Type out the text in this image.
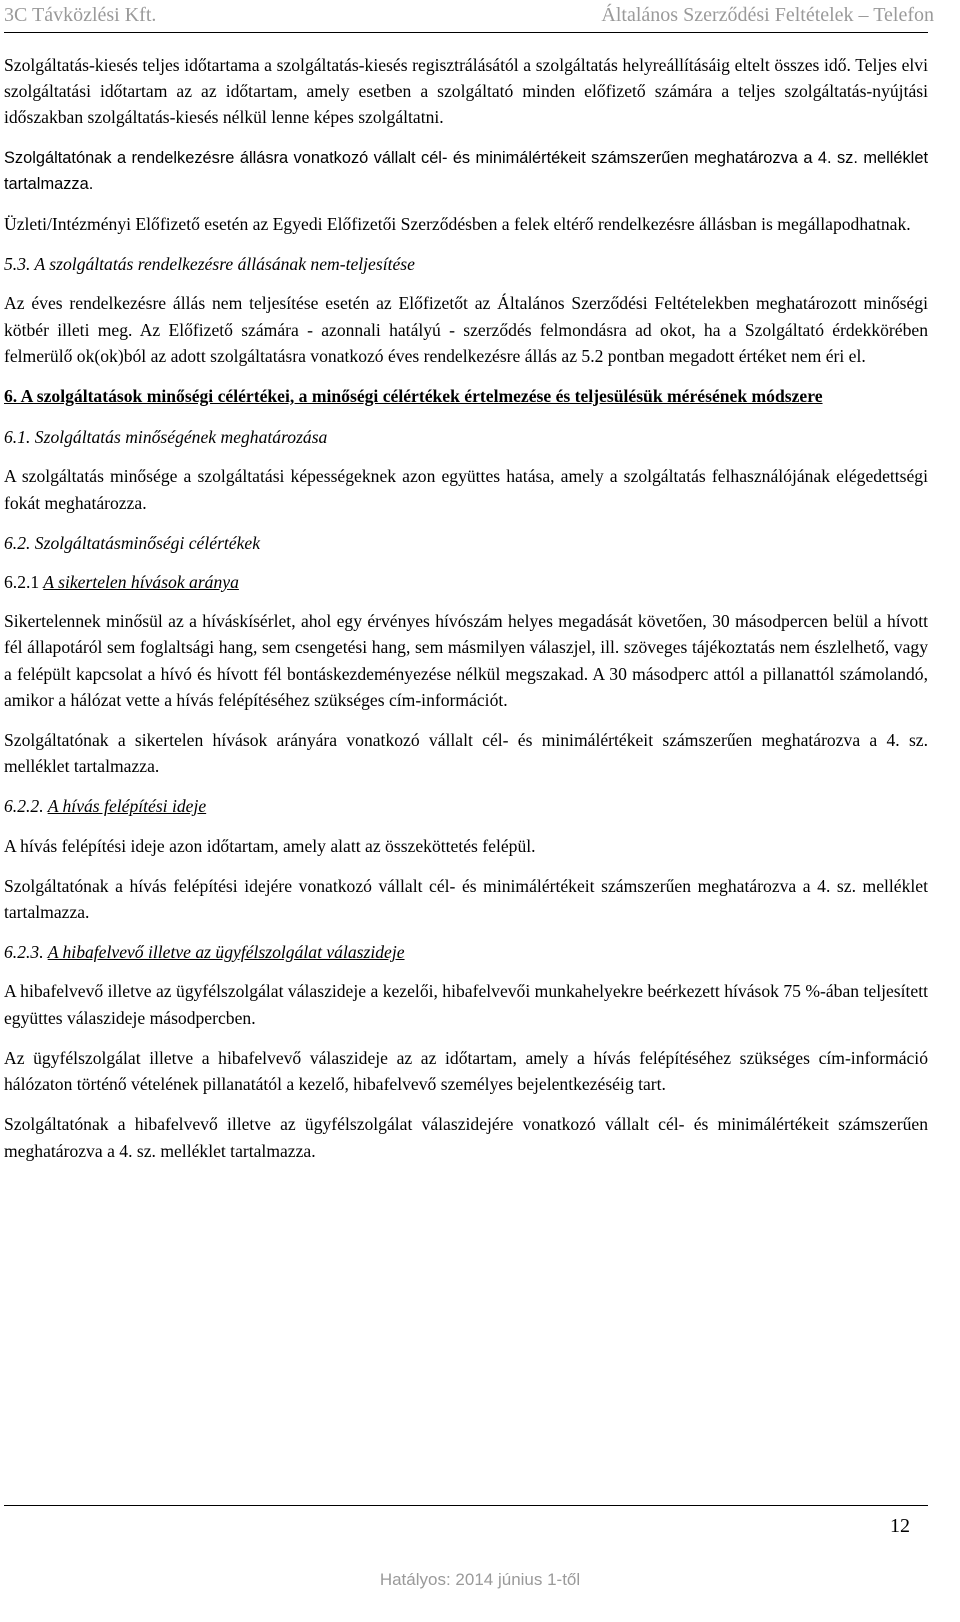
3C Távközlési Kft.	Általános Szerződési Feltételek – Telefon

Szolgáltatás-kiesés teljes időtartama a szolgáltatás-kiesés regisztrálásától a szolgáltatás helyreállításáig eltelt összes idő. Teljes elvi szolgáltatási időtartam az az időtartam, amely esetben a szolgáltató minden előfizető számára a teljes szolgáltatás-nyújtási időszakban szolgáltatás-kiesés nélkül lenne képes szolgáltatni.

Szolgáltatónak a rendelkezésre állásra vonatkozó vállalt cél- és minimálértékeit számszerűen meghatározva a 4. sz. melléklet tartalmazza.

Üzleti/Intézményi Előfizető esetén az Egyedi Előfizetői Szerződésben a felek eltérő rendelkezésre állásban is megállapodhatnak.

5.3. A szolgáltatás rendelkezésre állásának nem-teljesítése

Az éves rendelkezésre állás nem teljesítése esetén az Előfizetőt az Általános Szerződési Feltételekben meghatározott minőségi kötbér illeti meg. Az Előfizető számára - azonnali hatályú - szerződés felmondásra ad okot, ha a Szolgáltató érdekkörében felmerülő ok(ok)ból az adott szolgáltatásra vonatkozó éves rendelkezésre állás az 5.2 pontban megadott értéket nem éri el.

6. A szolgáltatások minőségi célértékei, a minőségi célértékek értelmezése és teljesülésük mérésének módszere

6.1. Szolgáltatás minőségének meghatározása

A szolgáltatás minősége a szolgáltatási képességeknek azon együttes hatása, amely a szolgáltatás felhasználójának elégedettségi fokát meghatározza.

6.2. Szolgáltatásminőségi célértékek

6.2.1 A sikertelen hívások aránya

Sikertelennek minősül az a híváskísérlet, ahol egy érvényes hívószám helyes megadását követően, 30 másodpercen belül a hívott fél állapotáról sem foglaltsági hang, sem csengetési hang, sem másmilyen válaszjel, ill. szöveges tájékoztatás nem észlelhető, vagy a felépült kapcsolat a hívó és hívott fél bontáskezdeményezése nélkül megszakad. A 30 másodperc attól a pillanattól számolandó, amikor a hálózat vette a hívás felépítéséhez szükséges cím-információt.

Szolgáltatónak a sikertelen hívások arányára vonatkozó vállalt cél- és minimálértékeit számszerűen meghatározva a 4. sz. melléklet tartalmazza.

6.2.2. A hívás felépítési ideje

A hívás felépítési ideje azon időtartam, amely alatt az összeköttetés felépül.

Szolgáltatónak a hívás felépítési idejére vonatkozó vállalt cél- és minimálértékeit számszerűen meghatározva a 4. sz. melléklet tartalmazza.

6.2.3. A hibafelvevő illetve az ügyfélszolgálat válaszideje

A hibafelvevő illetve az ügyfélszolgálat válaszideje a kezelői, hibafelvevői munkahelyekre beérkezett hívások 75 %-ában teljesített együttes válaszideje másodpercben.

Az ügyfélszolgálat illetve a hibafelvevő válaszideje az az időtartam, amely a hívás felépítéséhez szükséges cím-információ hálózaton történő vételének pillanatától a kezelő, hibafelvevő személyes bejelentkezéséig tart.

Szolgáltatónak a hibafelvevő illetve az ügyfélszolgálat válaszidejére vonatkozó vállalt cél- és minimálértékeit számszerűen meghatározva a 4. sz. melléklet tartalmazza.

12
Hatályos: 2014 június 1-től
